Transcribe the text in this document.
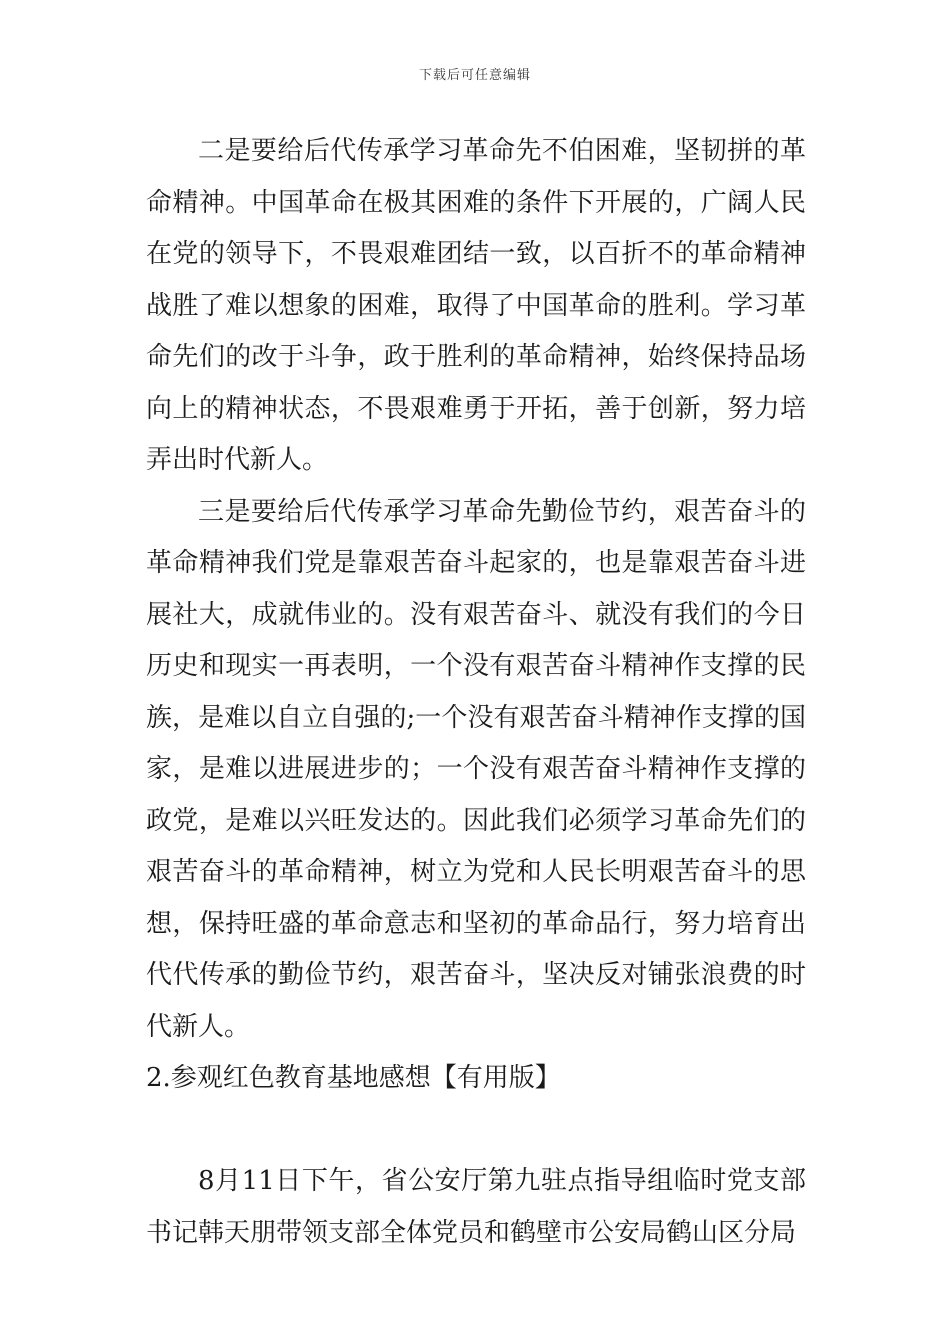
下载后可任意编辑

二是要给后代传承学习革命先不伯困难，坚韧拼的革命精神。中国革命在极其困难的条件下开展的，广阔人民在党的领导下，不畏艰难团结一致，以百折不的革命精神战胜了难以想象的困难，取得了中国革命的胜利。学习革命先们的改于斗争，政于胜利的革命精神，始终保持品场向上的精神状态，不畏艰难勇于开拓，善于创新，努力培弄出时代新人。

三是要给后代传承学习革命先勤俭节约，艰苦奋斗的革命精神我们党是靠艰苦奋斗起家的，也是靠艰苦奋斗进展社大，成就伟业的。没有艰苦奋斗、就没有我们的今日历史和现实一再表明，一个没有艰苦奋斗精神作支撑的民族，是难以自立自强的;一个没有艰苦奋斗精神作支撑的国家，是难以进展进步的；一个没有艰苦奋斗精神作支撑的政党，是难以兴旺发达的。因此我们必须学习革命先们的艰苦奋斗的革命精神，树立为党和人民长明艰苦奋斗的思想，保持旺盛的革命意志和坚初的革命品行，努力培育出代代传承的勤俭节约，艰苦奋斗，坚决反对铺张浪费的时代新人。

2.参观红色教育基地感想【有用版】

8月11日下午，省公安厅第九驻点指导组临时党支部书记韩天朋带领支部全体党员和鹤壁市公安局鹤山区分局
